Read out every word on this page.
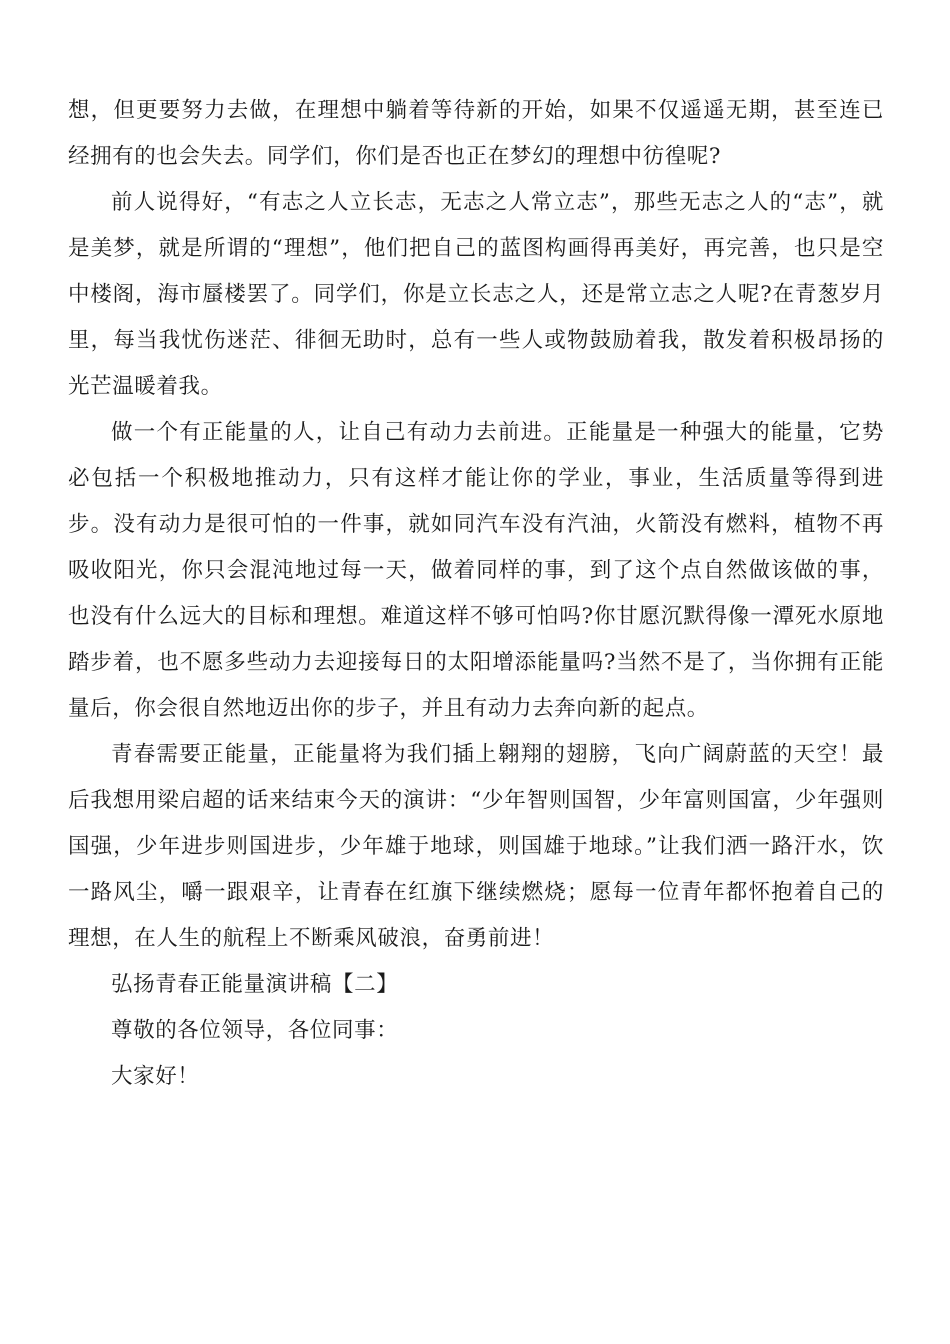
想，但更要努力去做，在理想中躺着等待新的开始，如果不仅遥遥无期，甚至连已经拥有的也会失去。同学们，你们是否也正在梦幻的理想中彷徨呢?

前人说得好，“有志之人立长志，无志之人常立志”，那些无志之人的“志”，就是美梦，就是所谓的“理想”，他们把自己的蓝图构画得再美好，再完善，也只是空中楼阁，海市蜃楼罢了。同学们，你是立长志之人，还是常立志之人呢?在青葱岁月里，每当我忧伤迷茫、徘徊无助时，总有一些人或物鼓励着我，散发着积极昂扬的光芒温暖着我。

做一个有正能量的人，让自己有动力去前进。正能量是一种强大的能量，它势必包括一个积极地推动力，只有这样才能让你的学业，事业，生活质量等得到进步。没有动力是很可怕的一件事，就如同汽车没有汽油，火箭没有燃料，植物不再吸收阳光，你只会混沌地过每一天，做着同样的事，到了这个点自然做该做的事，也没有什么远大的目标和理想。难道这样不够可怕吗?你甘愿沉默得像一潭死水原地踏步着，也不愿多些动力去迎接每日的太阳增添能量吗?当然不是了，当你拥有正能量后，你会很自然地迈出你的步子，并且有动力去奔向新的起点。

青春需要正能量，正能量将为我们插上翱翔的翅膀，飞向广阔蔚蓝的天空！最后我想用梁启超的话来结束今天的演讲：“少年智则国智，少年富则国富，少年强则国强，少年进步则国进步，少年雄于地球，则国雄于地球。”让我们洒一路汗水，饮一路风尘，嚼一跟艰辛，让青春在红旗下继续燃烧；愿每一位青年都怀抱着自己的理想，在人生的航程上不断乘风破浪，奋勇前进！

弘扬青春正能量演讲稿【二】

尊敬的各位领导，各位同事：

大家好！
